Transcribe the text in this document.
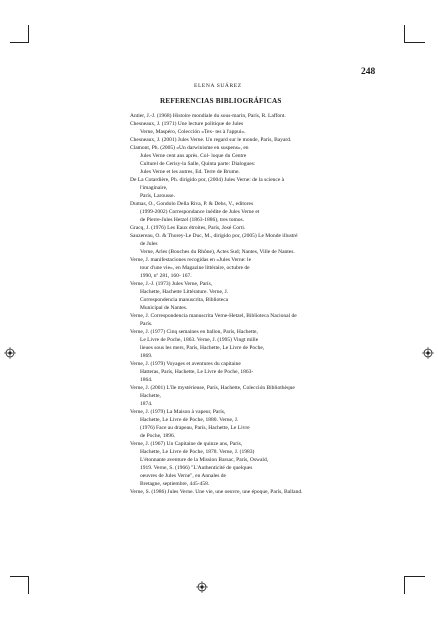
248
ELENA SUÁREZ
REFERENCIAS BIBLIOGRÁFICAS
Antier, J.-J. (1968) Histoire mondiale du sous-marin, París, R. Laffont.
Chesneaux, J. (1971) Une lecture politique de Jules
Verne, Maspéro, Colección «Tex- tes à l'appui».
Chesneaux, J. (2001) Jules Verne. Un regard sur le monde, París, Bayard.
Clamont, Ph. (2005) «Un darwinisme en suspens», en
Jules Verne cent ans après. Col- loque du Centre
Culturel de Cerisy-la Salle, Quinta parte: Dialogues:
Jules Verne et les autres, Ed. Terre de Brume.
De La Cotardière, Ph. dirigido por, (2004) Jules Verne: de la science à
l'imaginaire,
París, Larousse.
Dumas, O., Gondolo Della Riva, P. & Dehs, V., editores
(1999-2002) Correspondance inédite de Jules Verne et
de Pierre-Jules Hetzel (1863-1886), tres tomos.
Gracq, J. (1976) Les Eaux étroites, París, José Corti.
Sauzereau, O. & Thorey-Le Duc, M., dirigido por, (2005) Le Monde illustré
de Jules
Verne, Arles (Bouches du Rhône), Actes Sud; Nantes, Ville de Nantes.
Verne, J. manifestaciones recogidas en «Jules Verne: le
tour d'une vie», en Magazine littéraire, octubre de
1990, nº 281, 160- 167.
Verne, J.-J. (1973) Jules Verne, París,
Hachette, Hachette Littérature. Verne, J.
Correspondencia manuscrita, Biblioteca
Municipal de Nantes.
Verne, J. Correspondencia manuscrita Verne-Hetzel, Biblioteca Nacional de
París.
Verne, J. (1977) Cinq semaines en ballon, París, Hachette,
Le Livre de Poche, 1863. Verne, J. (1995) Vingt mille
lieues sous les mers, París, Hachette, Le Livre de Poche,
1869.
Verne, J. (1979) Voyages et aventures du capitaine
Hatteras, París, Hachette, Le Livre de Poche, 1863-
1864.
Verne, J. (2001) L'île mystérieuse, París, Hachette, Colección Bibliothèque
Hachette,
1874.
Verne, J. (1979) La Maison à vapeur, París,
Hachette, Le Livre de Poche, 1880. Verne, J.
(1976) Face au drapeau, París, Hachette, Le Livre
de Poche, 1896.
Verne, J. (1967) Un Capitaine de quinze ans, París,
Hachette, Le Livre de Poche, 1878. Verne, J. (1983)
L'étonnante aventure de la Mission Barsac, París, Oswald,
1919. Verne, S. (1966) "L'Authenticité de quelques
oeuvres de Jules Verne", en Annales de
Bretagne, septiembre, 445-458.
Verne, S. (1986) Jules Verne. Une vie, une oeuvre, une époque, París, Balland.
